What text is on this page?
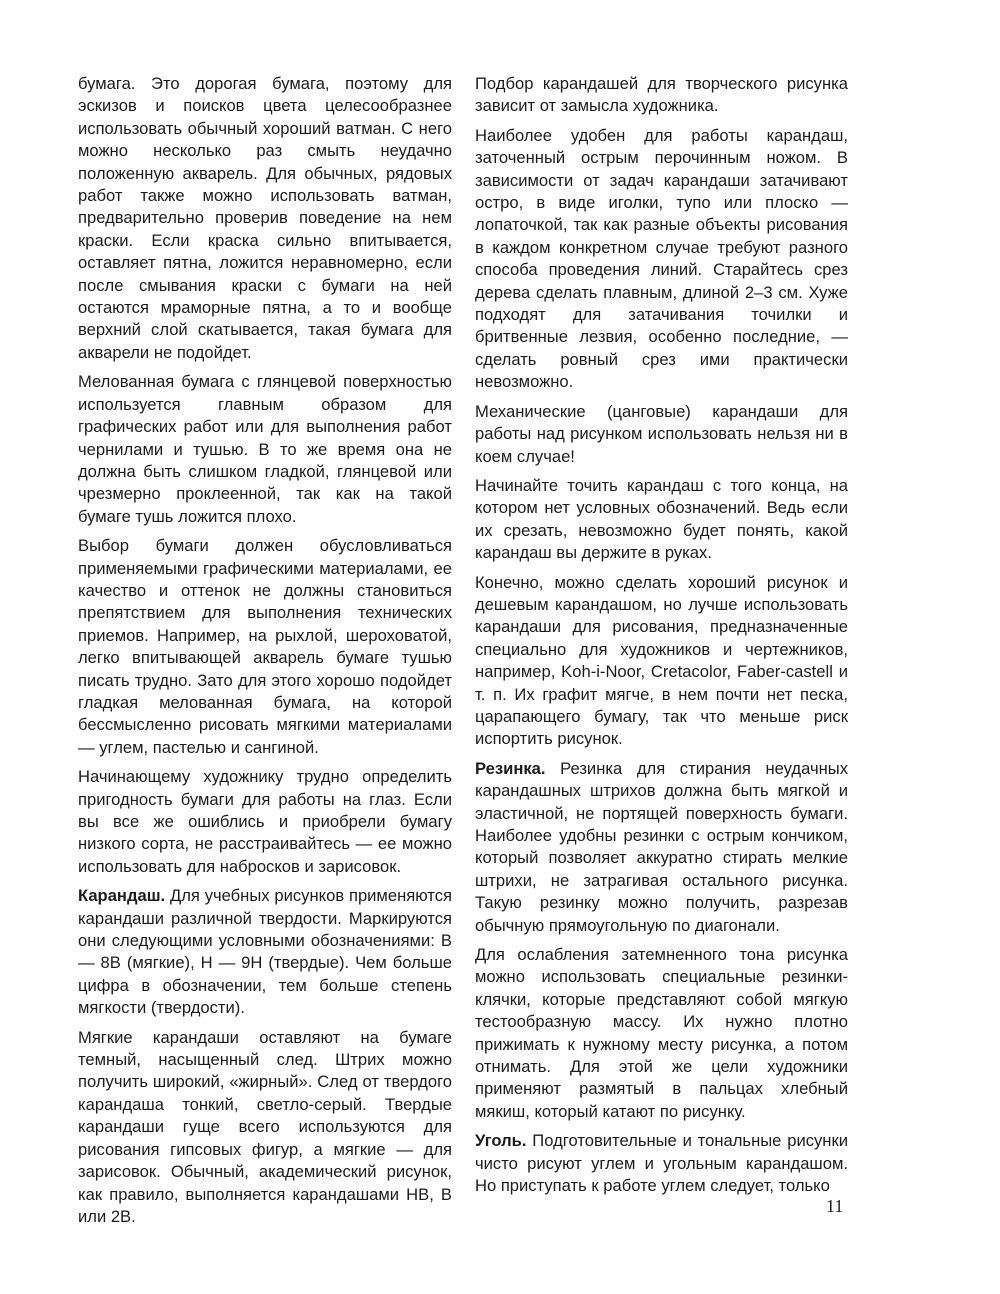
бумага. Это дорогая бумага, поэтому для эскизов и поисков цвета целесообразнее использовать обычный хороший ватман. С него можно несколько раз смыть неудачно положенную акварель. Для обычных, рядовых работ также можно использовать ватман, предварительно проверив поведение на нем краски. Если краска сильно впитывается, оставляет пятна, ложится неравномерно, если после смывания краски с бумаги на ней остаются мраморные пятна, а то и вообще верхний слой скатывается, такая бумага для акварели не подойдет.

Мелованная бумага с глянцевой поверхностью используется главным образом для графических работ или для выполнения работ чернилами и тушью. В то же время она не должна быть слишком гладкой, глянцевой или чрезмерно проклеенной, так как на такой бумаге тушь ложится плохо.

Выбор бумаги должен обусловливаться применяемыми графическими материалами, ее качество и оттенок не должны становиться препятствием для выполнения технических приемов. Например, на рыхлой, шероховатой, легко впитывающей акварель бумаге тушью писать трудно. Зато для этого хорошо подойдет гладкая мелованная бумага, на которой бессмысленно рисовать мягкими материалами — углем, пастелью и сангиной.

Начинающему художнику трудно определить пригодность бумаги для работы на глаз. Если вы все же ошиблись и приобрели бумагу низкого сорта, не расстраивайтесь — ее можно использовать для набросков и зарисовок.

Карандаш. Для учебных рисунков применяются карандаши различной твердости. Маркируются они следующими условными обозначениями: В — 8В (мягкие), Н — 9Н (твердые). Чем больше цифра в обозначении, тем больше степень мягкости (твердости).

Мягкие карандаши оставляют на бумаге темный, насыщенный след. Штрих можно получить широкий, «жирный». След от твердого карандаша тонкий, светло-серый. Твердые карандаши гуще всего используются для рисования гипсовых фигур, а мягкие — для зарисовок. Обычный, академический рисунок, как правило, выполняется карандашами НВ, В или 2В.

Подбор карандашей для творческого рисунка зависит от замысла художника.

Наиболее удобен для работы карандаш, заточенный острым перочинным ножом. В зависимости от задач карандаши затачивают остро, в виде иголки, тупо или плоско — лопаточкой, так как разные объекты рисования в каждом конкретном случае требуют разного способа проведения линий. Старайтесь срез дерева сделать плавным, длиной 2–3 см. Хуже подходят для затачивания точилки и бритвенные лезвия, особенно последние, — сделать ровный срез ими практически невозможно.

Механические (цанговые) карандаши для работы над рисунком использовать нельзя ни в коем случае!

Начинайте точить карандаш с того конца, на котором нет условных обозначений. Ведь если их срезать, невозможно будет понять, какой карандаш вы держите в руках.

Конечно, можно сделать хороший рисунок и дешевым карандашом, но лучше использовать карандаши для рисования, предназначенные специально для художников и чертежников, например, Koh-i-Noor, Cretacolor, Faber-castell и т. п. Их графит мягче, в нем почти нет песка, царапающего бумагу, так что меньше риск испортить рисунок.

Резинка. Резинка для стирания неудачных карандашных штрихов должна быть мягкой и эластичной, не портящей поверхность бумаги. Наиболее удобны резинки с острым кончиком, который позволяет аккуратно стирать мелкие штрихи, не затрагивая остального рисунка. Такую резинку можно получить, разрезав обычную прямоугольную по диагонали.

Для ослабления затемненного тона рисунка можно использовать специальные резинки-клячки, которые представляют собой мягкую тестообразную массу. Их нужно плотно прижимать к нужному месту рисунка, а потом отнимать. Для этой же цели художники применяют размятый в пальцах хлебный мякиш, который катают по рисунку.

Уголь. Подготовительные и тональные рисунки чисто рисуют углем и угольным карандашом. Но приступать к работе углем следует, только

11
